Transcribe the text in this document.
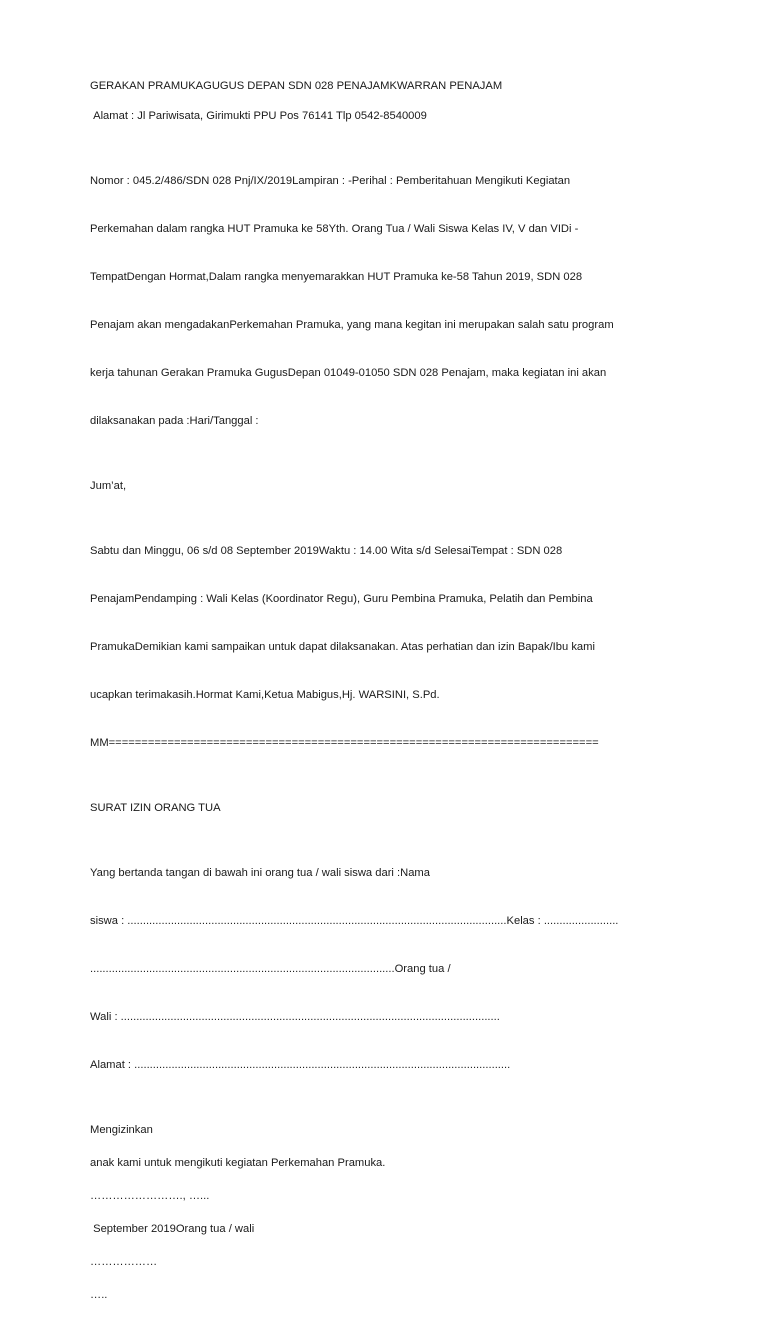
GERAKAN PRAMUKAGUGUS DEPAN SDN 028 PENAJAMKWARRAN PENAJAM

Alamat : Jl Pariwisata, Girimukti PPU Pos 76141 Tlp 0542-8540009

Nomor : 045.2/486/SDN 028 Pnj/IX/2019Lampiran : -Perihal : Pemberitahuan Mengikuti Kegiatan

Perkemahan dalam rangka HUT Pramuka ke 58Yth. Orang Tua / Wali Siswa Kelas IV, V dan VIDi -

TempatDengan Hormat,Dalam rangka menyemarakkan HUT Pramuka ke-58 Tahun 2019, SDN 028

Penajam akan mengadakanPerkemahan Pramuka, yang mana kegitan ini merupakan salah satu program

kerja tahunan Gerakan Pramuka GugusDepan 01049-01050 SDN 028 Penajam, maka kegiatan ini akan

dilaksanakan pada :Hari/Tanggal :

Jum’at,

Sabtu dan Minggu, 06 s/d 08 September 2019Waktu : 14.00 Wita s/d SelesaiTempat : SDN 028

PenajamPendamping : Wali Kelas (Koordinator Regu), Guru Pembina Pramuka, Pelatih dan Pembina

PramukaDemikian kami sampaikan untuk dapat dilaksanakan. Atas perhatian dan izin Bapak/Ibu kami

ucapkan terimakasih.Hormat Kami,Ketua Mabigus,Hj. WARSINI, S.Pd.

MM===========================================================================

SURAT IZIN ORANG TUA

Yang bertanda tangan di bawah ini orang tua / wali siswa dari :Nama

siswa : ..........................................................................................................................Kelas : ........................

..................................................................................................Orang tua /

Wali : ..........................................................................................................................

Alamat : .........................................................................................................................

Mengizinkan

anak kami untuk mengikuti kegiatan Perkemahan Pramuka.

……………………., …...

September 2019Orang tua / wali

………………

…..
